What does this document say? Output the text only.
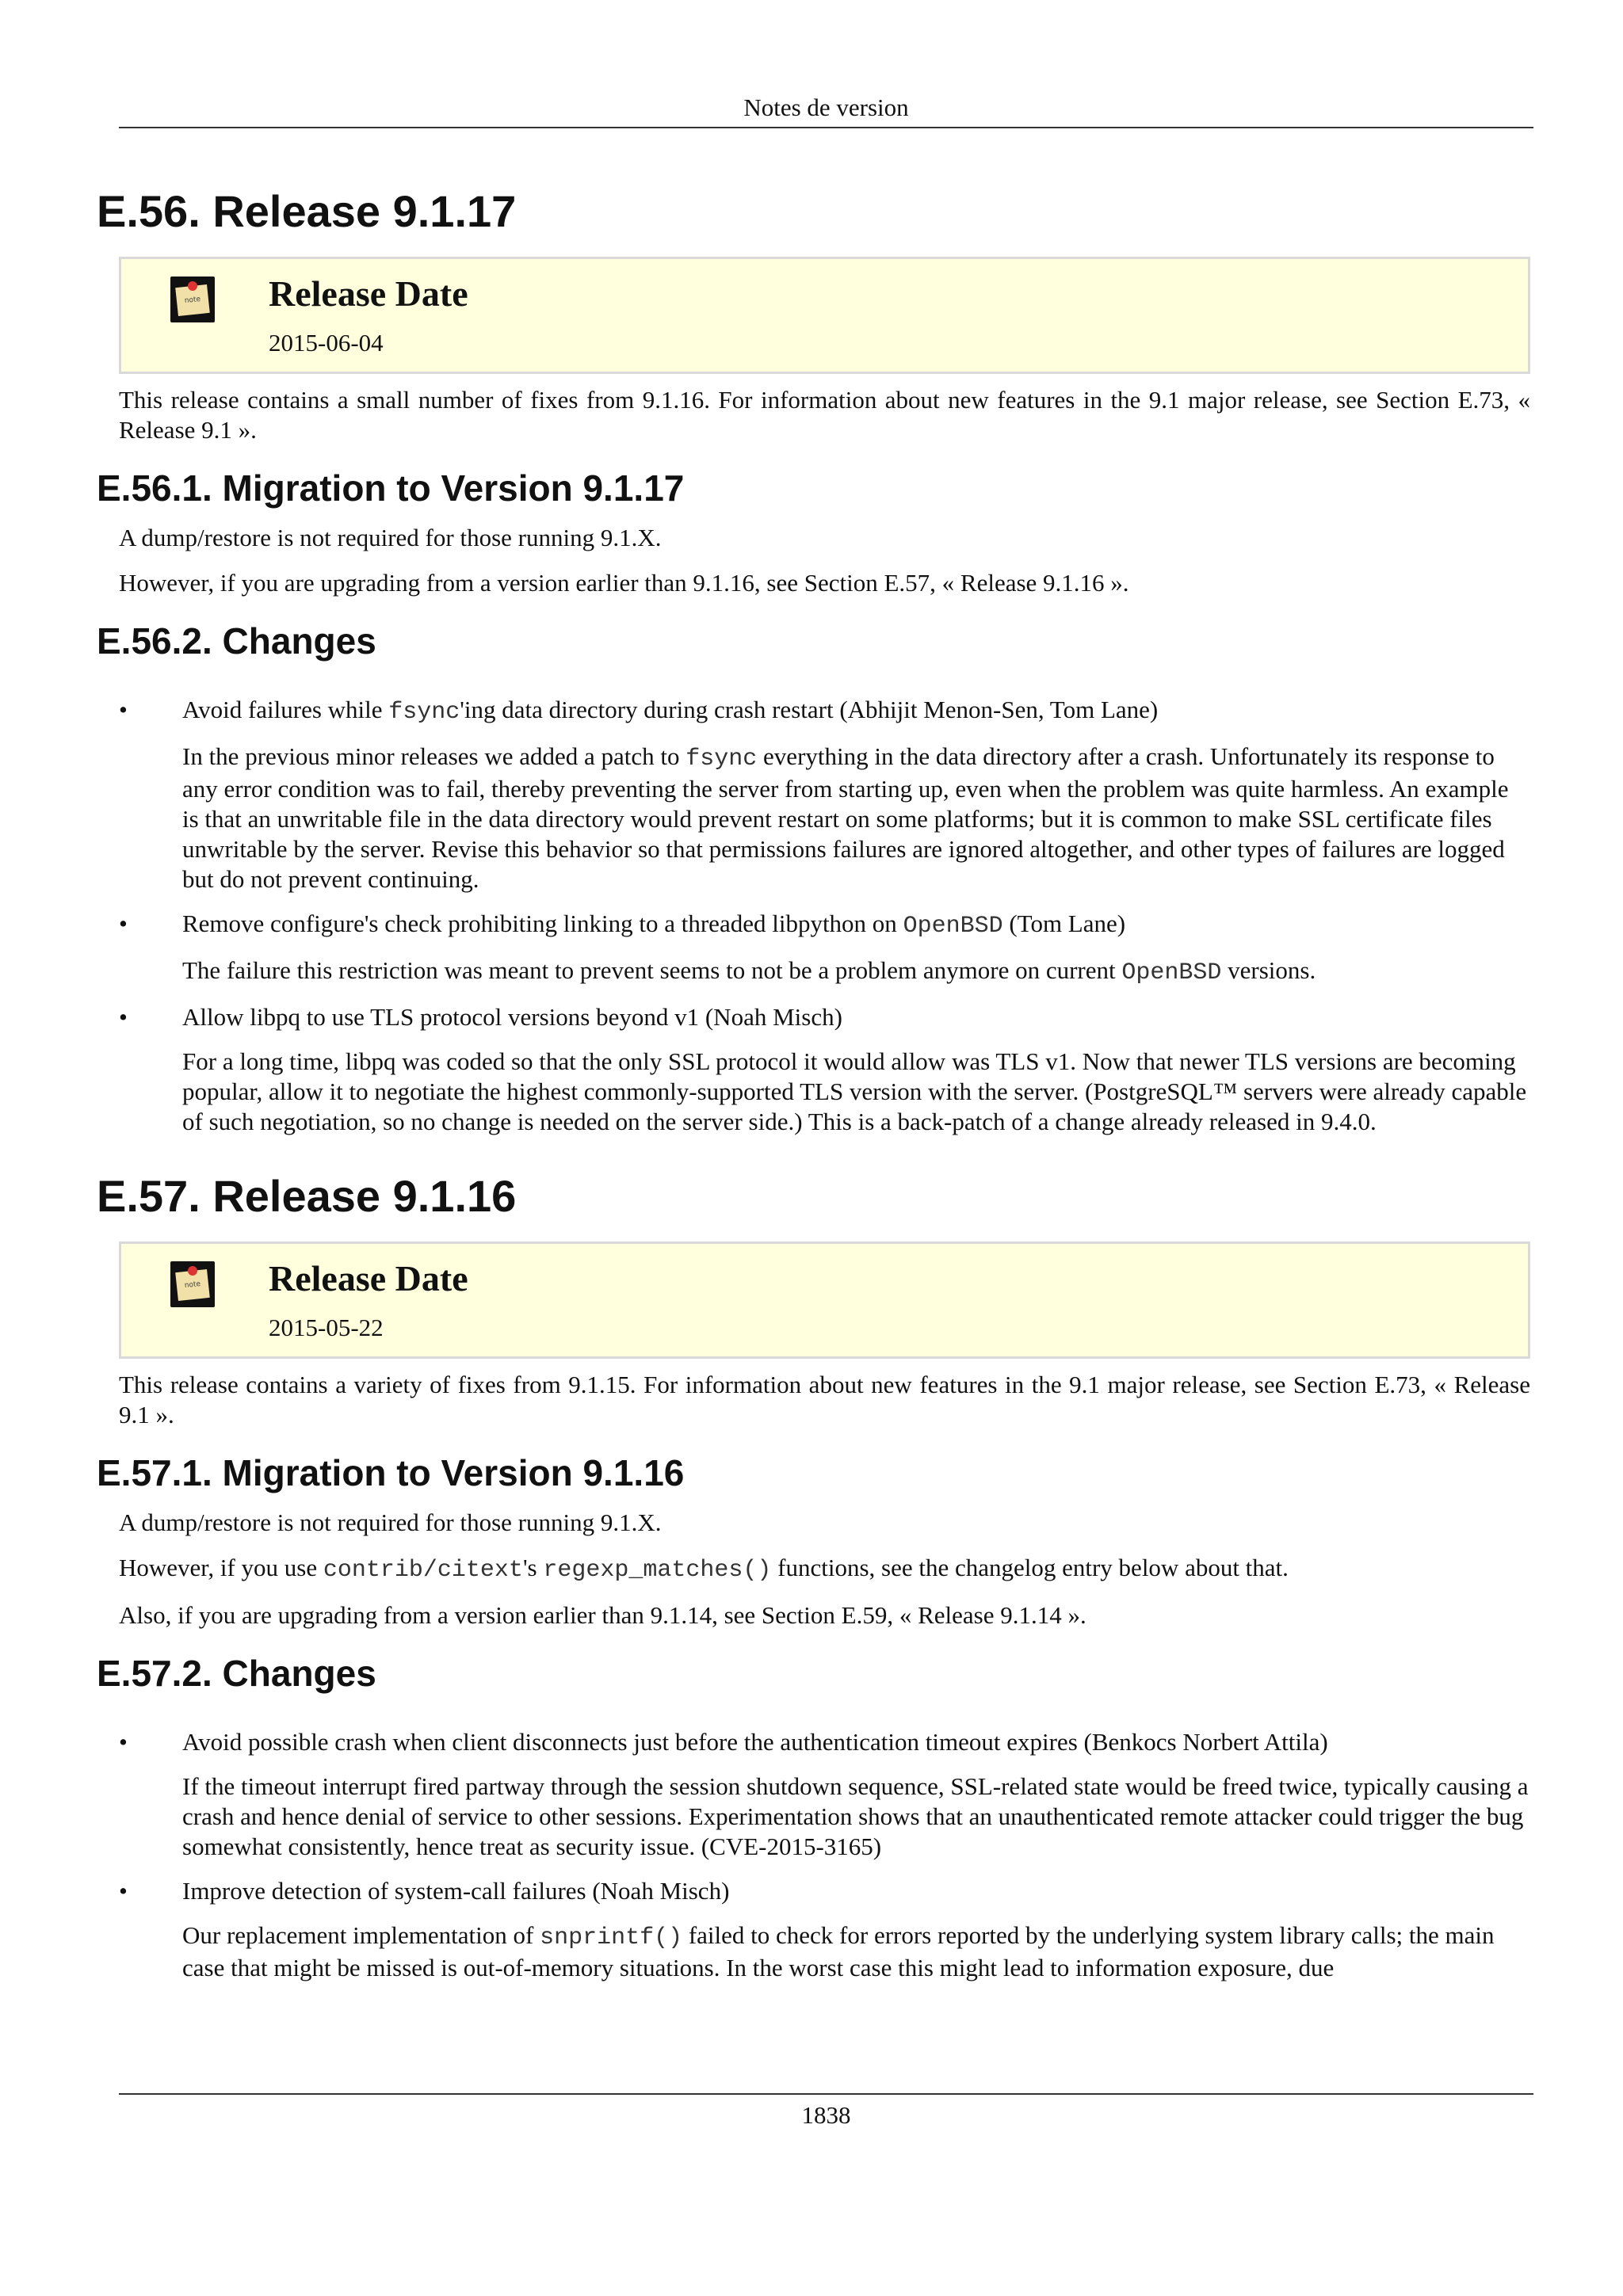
Notes de version
E.56. Release 9.1.17
note Release Date
2015-06-04

This release contains a small number of fixes from 9.1.16. For information about new features in the 9.1 major release, see Section E.73, « Release 9.1 ».

E.56.1. Migration to Version 9.1.17

A dump/restore is not required for those running 9.1.X.

However, if you are upgrading from a version earlier than 9.1.16, see Section E.57, « Release 9.1.16 ».

E.56.2. Changes
• Avoid failures while fsync'ing data directory during crash restart (Abhijit Menon-Sen, Tom Lane)

In the previous minor releases we added a patch to fsync everything in the data directory after a crash. Unfortunately its response to any error condition was to fail, thereby preventing the server from starting up, even when the problem was quite harmless. An example is that an unwritable file in the data directory would prevent restart on some platforms; but it is common to make SSL certificate files unwritable by the server. Revise this behavior so that permissions failures are ignored altogether, and other types of failures are logged but do not prevent continuing.

• Remove configure's check prohibiting linking to a threaded libpython on OpenBSD (Tom Lane)

The failure this restriction was meant to prevent seems to not be a problem anymore on current OpenBSD versions.

• Allow libpq to use TLS protocol versions beyond v1 (Noah Misch)

For a long time, libpq was coded so that the only SSL protocol it would allow was TLS v1. Now that newer TLS versions are becoming popular, allow it to negotiate the highest commonly-supported TLS version with the server. (PostgreSQL™ servers were already capable of such negotiation, so no change is needed on the server side.) This is a back-patch of a change already released in 9.4.0.

E.57. Release 9.1.16
note Release Date
2015-05-22

This release contains a variety of fixes from 9.1.15. For information about new features in the 9.1 major release, see Section E.73, « Release 9.1 ».

E.57.1. Migration to Version 9.1.16

A dump/restore is not required for those running 9.1.X.

However, if you use contrib/citext's regexp_matches() functions, see the changelog entry below about that.

Also, if you are upgrading from a version earlier than 9.1.14, see Section E.59, « Release 9.1.14 ».

E.57.2. Changes
• Avoid possible crash when client disconnects just before the authentication timeout expires (Benkocs Norbert Attila)

If the timeout interrupt fired partway through the session shutdown sequence, SSL-related state would be freed twice, typically causing a crash and hence denial of service to other sessions. Experimentation shows that an unauthenticated remote attacker could trigger the bug somewhat consistently, hence treat as security issue. (CVE-2015-3165)

• Improve detection of system-call failures (Noah Misch)

Our replacement implementation of snprintf() failed to check for errors reported by the underlying system library calls; the main case that might be missed is out-of-memory situations. In the worst case this might lead to information exposure, due

1838
